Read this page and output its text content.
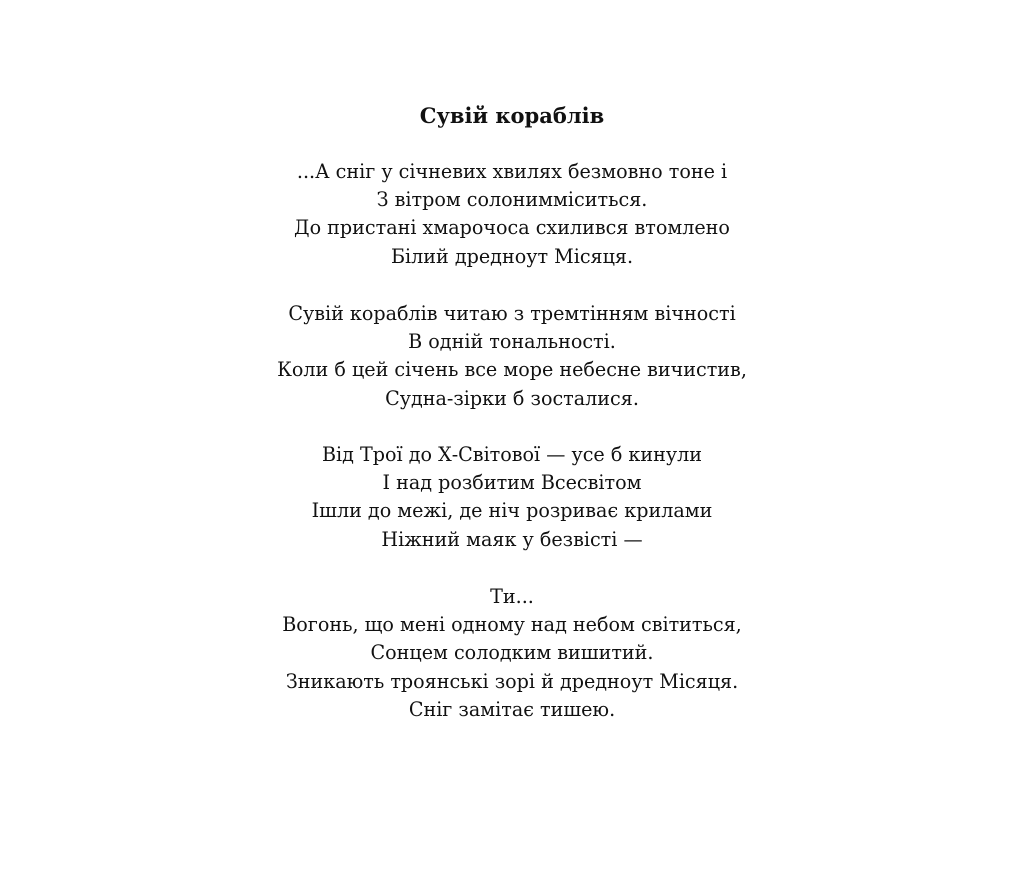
Сувій кораблів
...А сніг у січневих хвилях безмовно тоне і
З вітром солонимміситься.
До пристані хмарочоса схилився втомлено
Білий дредноут Місяця.
Сувій кораблів читаю з тремтінням вічності
В одній тональності.
Коли б цей січень все море небесне вичистив,
Судна-зірки б зосталися.
Від Трої до Х-Світової — усе б кинули
І над розбитим Всесвітом
Ішли до межі, де ніч розриває крилами
Ніжний маяк у безвісті —
Ти...
Вогонь, що мені одному над небом світиться,
Сонцем солодким вишитий.
Зникають троянські зорі й дредноут Місяця.
Сніг замітає тишею.
